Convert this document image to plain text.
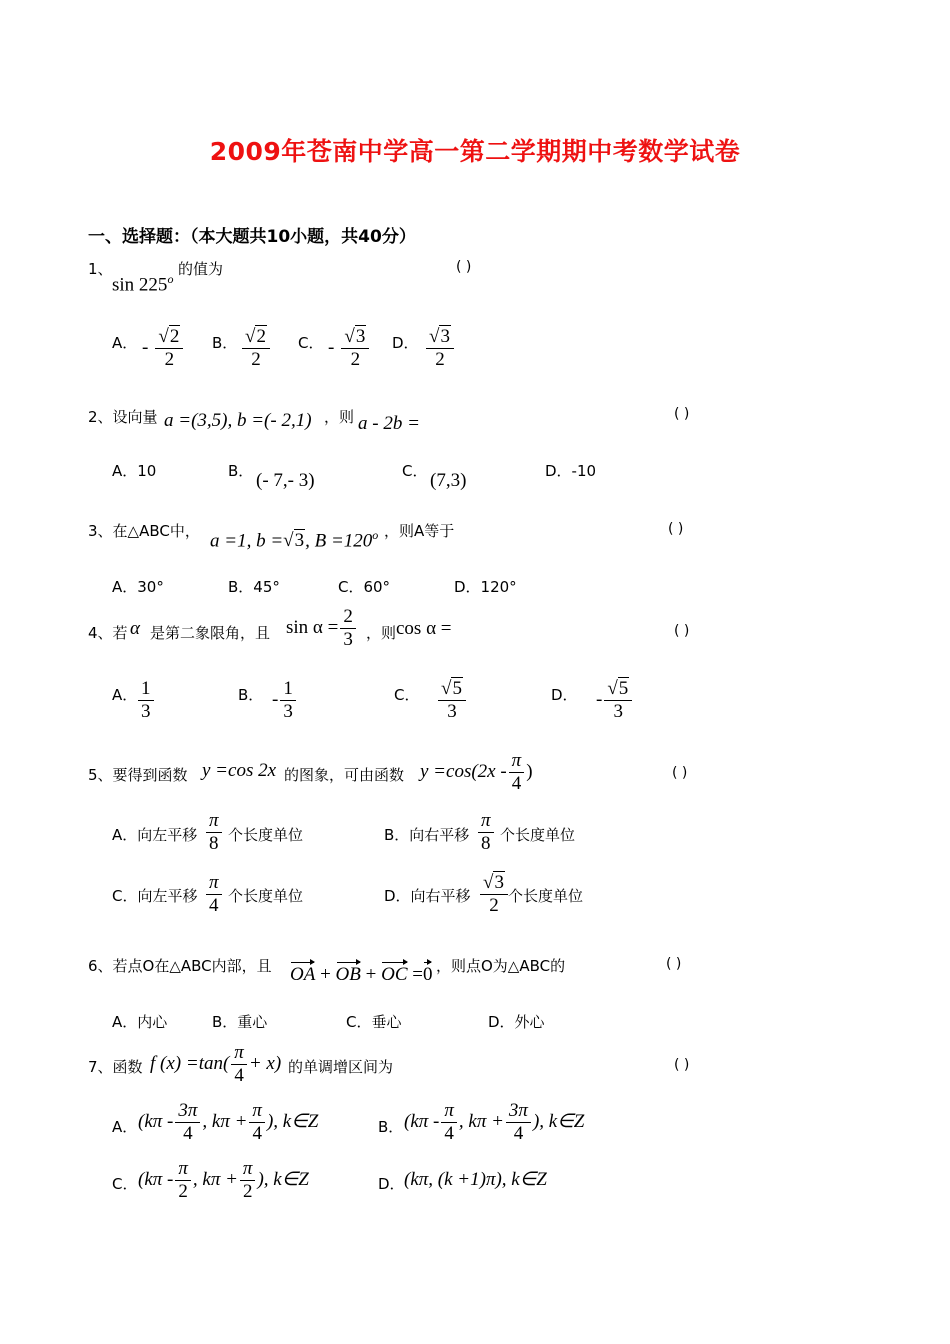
2009年苍南中学高一第二学期期中考数学试卷
一、选择题：（本大题共10小题，共40分）
1、
sin 225$^o$
的值为	( )
A． - $\frac{√2}{2}$ B． $\frac{√2}{2}$ C． - $\frac{√3}{2}$ D． $\frac{√3}{2}$
2、设向量 a =(3,5), b =(- 2,1) ，则 a - 2b =	( )
A．10	B． (- 7,- 3)	C． (7,3)	D．-10
3、在△ABC中， a =1, b =√3, $B =120^o$ ，则A等于	( )
A．30°	B．45°	C．60°	D．120°
4、若 α 是第二象限角，且 $\sin \alpha = \frac{2}{3}$ ，则 cos α =	( )
A． $\frac{1}{3}$	B． - $\frac{1}{3}$	C． $\frac{√5}{3}$	D． - $\frac{√5}{3}$
5、要得到函数 y =cos 2x 的图象，可由函数 $y =\cos(2x - \frac{\pi}{4}$ )	( )
A．向左平移 $\frac{\pi}{8}$ 个长度单位	B．向右平移 $\frac{\pi}{8}$ 个长度单位
C．向左平移 $\frac{\pi}{4}$ 个长度单位	D．向右平移 $\frac{√3}{2}$ 个长度单位
6、若点O在△ABC内部，且 OA + OB + OC =0 ，则点O为△ABC的	( )
A．内心	B．重心	C．垂心	D．外心
7、函数 f $(x) =\tan( \frac{\pi}{4} + x)$ 的单调增区间为	( )
A． ($k\pi - \frac{3\pi}{4}$ , $k\pi + \frac{\pi}{4}$ ), k∈Z	B． ($k\pi - \frac{\pi}{4}$ , $k\pi + \frac{3\pi}{4}$ ), k∈Z
C． ($k\pi - \frac{\pi}{2}$ , $k\pi + \frac{\pi}{2}$ ), k∈Z	D． (kπ, (k +1)π), k∈Z
